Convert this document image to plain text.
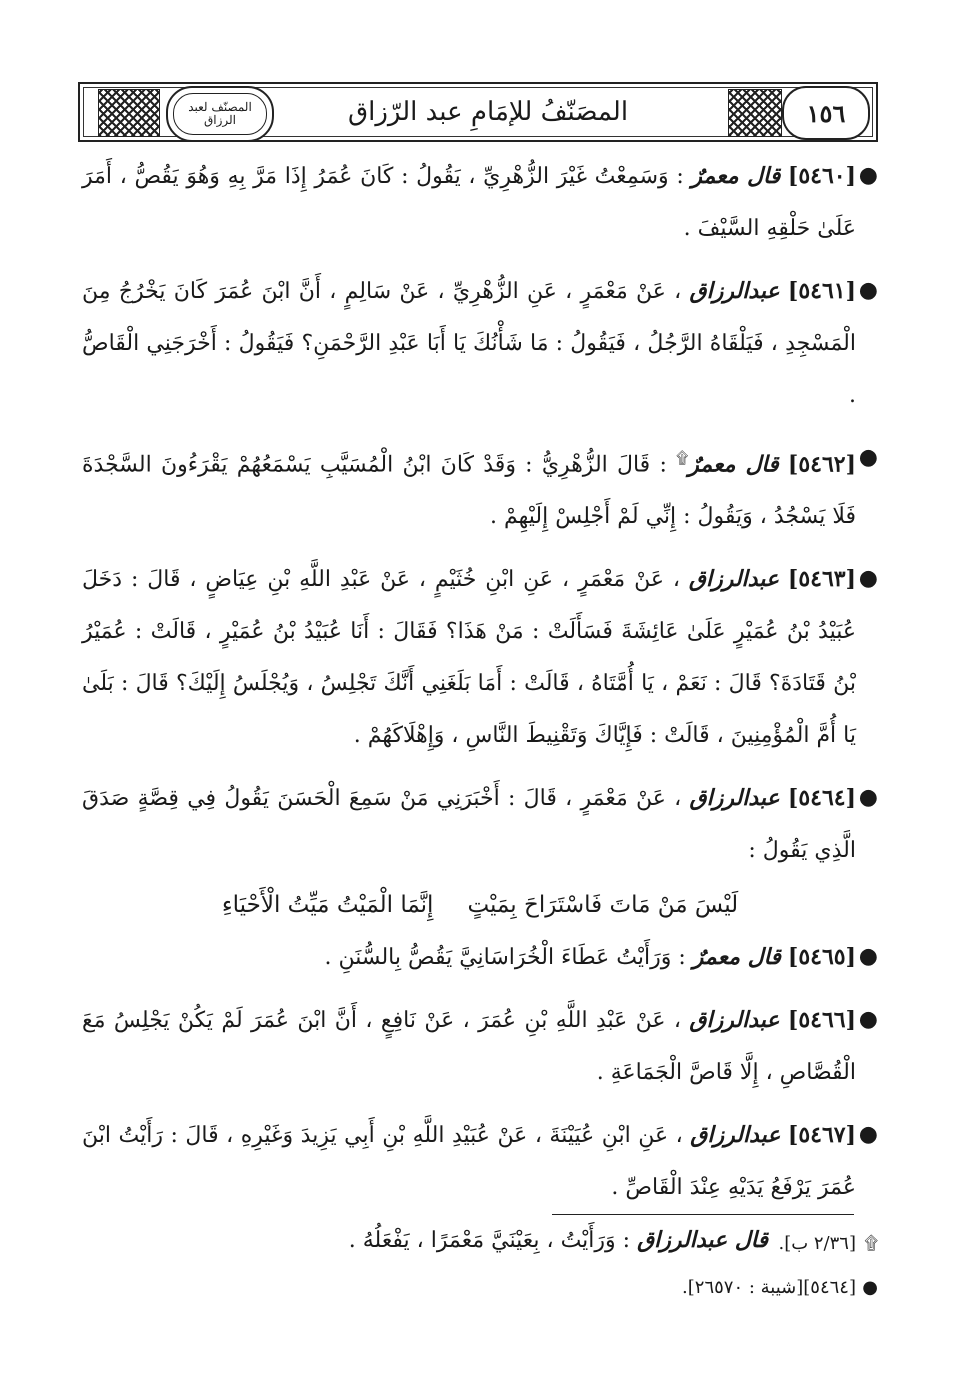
المصنّف لعبد الرزاق	المصَنّفُ للإمَامِ عبد الرّزاق	١٥٦

●
[٥٤٦٠] قال معمرٌ : وَسَمِعْتُ غَيْرَ الزُّهْرِيِّ ، يَقُولُ : كَانَ عُمَرُ إِذَا مَرَّ بِهِ وَهُوَ يَقُصُّ ، أَمَرَ عَلَىٰ حَلْقِهِ السَّيْفَ .

●
[٥٤٦١] عبدالرزاق ، عَنْ مَعْمَرٍ ، عَنِ الزُّهْرِيِّ ، عَنْ سَالِمٍ ، أَنَّ ابْنَ عُمَرَ كَانَ يَخْرُجُ مِنَ الْمَسْجِدِ ، فَيَلْقَاهُ الرَّجُلُ ، فَيَقُولُ : مَا شَأْنُكَ يَا أَبَا عَبْدِ الرَّحْمَنِ؟ فَيَقُولُ : أَخْرَجَنِي الْقَاصُّ .

●
[٥٤٦٢] قال معمرٌ۩ : قَالَ الزُّهْرِيُّ : وَقَدْ كَانَ ابْنُ الْمُسَيَّبِ يَسْمَعُهُمْ يَقْرَءُونَ السَّجْدَةَ فَلَا يَسْجُدُ ، وَيَقُولُ : إِنِّي لَمْ أَجْلِسْ إِلَيْهِمْ .

●
[٥٤٦٣] عبدالرزاق ، عَنْ مَعْمَرٍ ، عَنِ ابْنِ خُثَيْمٍ ، عَنْ عَبْدِ اللَّهِ بْنِ عِيَاضٍ ، قَالَ : دَخَلَ عُبَيْدُ بْنُ عُمَيْرٍ عَلَىٰ عَائِشَةَ فَسَأَلَتْ : مَنْ هَذَا؟ فَقَالَ : أَنَا عُبَيْدُ بْنُ عُمَيْرٍ ، قَالَتْ : عُمَيْرُ بْنُ قَتَادَةَ؟ قَالَ : نَعَمْ ، يَا أُمَّتَاهُ ، قَالَتْ : أَمَا بَلَغَنِي أَنَّكَ تَجْلِسُ ، وَيُجْلَسُ إِلَيْكَ؟ قَالَ : بَلَىٰ يَا أُمَّ الْمُؤْمِنِينَ ، قَالَتْ : فَإِيَّاكَ وَتَقْنِيطَ النَّاسِ ، وَإِهْلَاكَهُمْ .

●
[٥٤٦٤] عبدالرزاق ، عَنْ مَعْمَرٍ ، قَالَ : أَخْبَرَنِي مَنْ سَمِعَ الْحَسَنَ يَقُولُ فِي قِصَّةٍ صَدَقَ الَّذِي يَقُولُ :

لَيْسَ مَنْ مَاتَ فَاسْتَرَاحَ بِمَيْتٍ
إِنَّمَا الْمَيْتُ مَيِّتُ الْأَحْيَاءِ

●
[٥٤٦٥] قال معمرٌ : وَرَأَيْتُ عَطَاءَ الْخُرَاسَانِيَّ يَقُصُّ بِالسُّنَنِ .

●
[٥٤٦٦] عبدالرزاق ، عَنْ عَبْدِ اللَّهِ بْنِ عُمَرَ ، عَنْ نَافِعٍ ، أَنَّ ابْنَ عُمَرَ لَمْ يَكُنْ يَجْلِسُ مَعَ الْقُصَّاصِ ، إِلَّا قَاصَّ الْجَمَاعَةِ .

●
[٥٤٦٧] عبدالرزاق ، عَنِ ابْنِ عُيَيْنَةَ ، عَنْ عُبَيْدِ اللَّهِ بْنِ أَبِي يَزِيدَ وَغَيْرِهِ ، قَالَ : رَأَيْتُ ابْنَ عُمَرَ يَرْفَعُ يَدَيْهِ عِنْدَ الْقَاصِّ .

قال عبدالرزاق : وَرَأَيْتُ ، بِعَيْنَيَّ مَعْمَرًا ، يَفْعَلُهُ .	۩
[٢/٣٦ ب].
●
[٥٤٦٤][شيبة : ٢٦٥٧٠].
